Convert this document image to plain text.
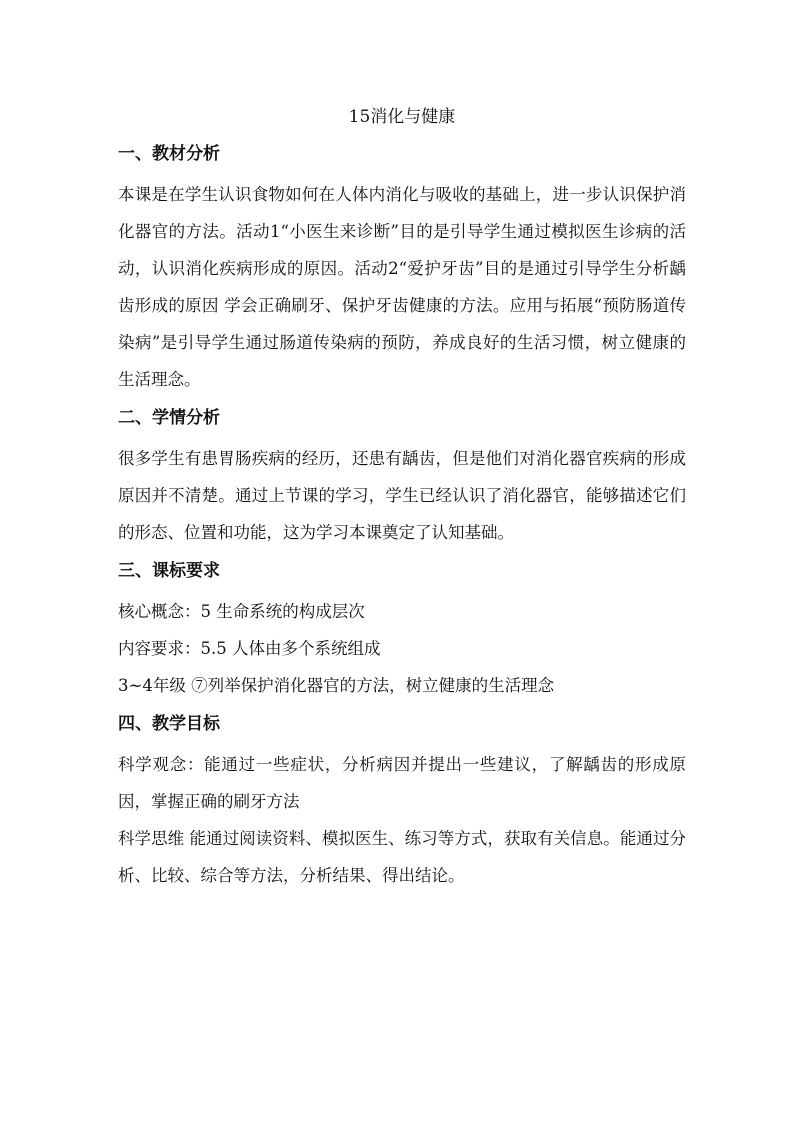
15消化与健康
一、教材分析

本课是在学生认识食物如何在人体内消化与吸收的基础上，进一步认识保护消化器官的方法。活动1“小医生来诊断”目的是引导学生通过模拟医生诊病的活动，认识消化疾病形成的原因。活动2“爱护牙齿”目的是通过引导学生分析龋齿形成的原因 学会正确刷牙、保护牙齿健康的方法。应用与拓展“预防肠道传染病”是引导学生通过肠道传染病的预防，养成良好的生活习惯，树立健康的生活理念。

二、学情分析

很多学生有患胃肠疾病的经历，还患有龋齿，但是他们对消化器官疾病的形成原因并不清楚。通过上节课的学习，学生已经认识了消化器官，能够描述它们的形态、位置和功能，这为学习本课奠定了认知基础。

三、课标要求
核心概念：5 生命系统的构成层次
内容要求：5.5 人体由多个系统组成
3~4年级 ⑦列举保护消化器官的方法，树立健康的生活理念
四、教学目标

科学观念：能通过一些症状，分析病因并提出一些建议，了解龋齿的形成原因，掌握正确的刷牙方法

科学思维 能通过阅读资料、模拟医生、练习等方式，获取有关信息。能通过分析、比较、综合等方法，分析结果、得出结论。
